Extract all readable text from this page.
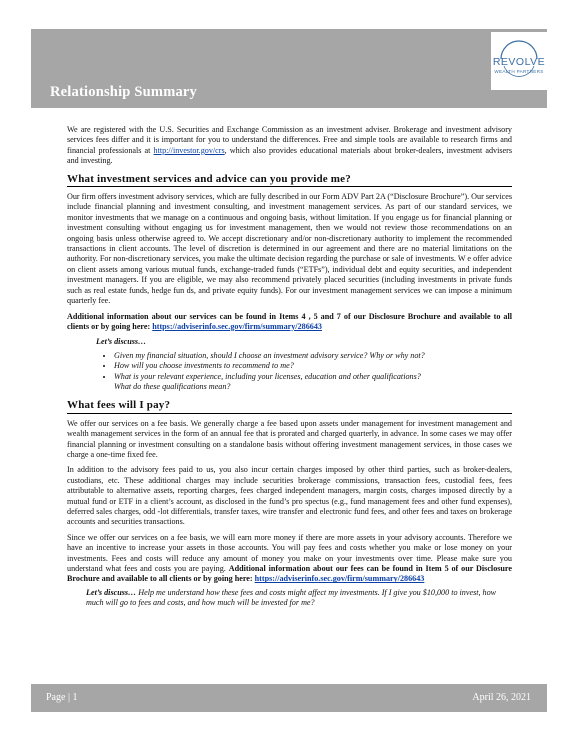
Relationship Summary
REVOLVE
WEALTH PARTNERS

We are registered with the U.S. Securities and Exchange Commission as an investment adviser. Brokerage and investment advisory services fees differ and it is important for you to understand the differences. Free and simple tools are available to research firms and financial professionals at http://investor.gov/crs, which also provides educational materials about broker-dealers, investment advisers and investing.

What investment services and advice can you provide me?

Our firm offers investment advisory services, which are fully described in our Form ADV Part 2A (“Disclosure Brochure”). Our services include financial planning and investment consulting, and investment management services. As part of our standard services, we monitor investments that we manage on a continuous and ongoing basis, without limitation. If you engage us for financial planning or investment consulting without engaging us for investment management, then we would not review those recommendations on an ongoing basis unless otherwise agreed to. We accept discretionary and/or non-discretionary authority to implement the recommended transactions in client accounts. The level of discretion is determined in our agreement and there are no material limitations on the authority. For non-discretionary services, you make the ultimate decision regarding the purchase or sale of investments. W e offer advice on client assets among various mutual funds, exchange-traded funds (“ETFs”), individual debt and equity securities, and independent investment managers. If you are eligible, we may also recommend privately placed securities (including investments in private funds such as real estate funds, hedge fun ds, and private equity funds). For our investment management services we can impose a minimum quarterly fee.

Additional information about our services can be found in Items 4 , 5 and 7 of our Disclosure Brochure and available to all clients or by going here: https://adviserinfo.sec.gov/firm/summary/286643

Let’s discuss…
• Given my financial situation, should I choose an investment advisory service? Why or why not?
• How will you choose investments to recommend to me?
• What is your relevant experience, including your licenses, education and other qualifications?
What do these qualifications mean?
What fees will I pay?

We offer our services on a fee basis. We generally charge a fee based upon assets under management for investment management and wealth management services in the form of an annual fee that is prorated and charged quarterly, in advance. In some cases we may offer financial planning or investment consulting on a standalone basis without offering investment management services, in those cases we charge a one-time fixed fee.

In addition to the advisory fees paid to us, you also incur certain charges imposed by other third parties, such as broker-dealers, custodians, etc. These additional charges may include securities brokerage commissions, transaction fees, custodial fees, fees attributable to alternative assets, reporting charges, fees charged independent managers, margin costs, charges imposed directly by a mutual fund or ETF in a client’s account, as disclosed in the fund’s pro spectus (e.g., fund management fees and other fund expenses), deferred sales charges, odd -lot differentials, transfer taxes, wire transfer and electronic fund fees, and other fees and taxes on brokerage accounts and securities transactions.

Since we offer our services on a fee basis, we will earn more money if there are more assets in your advisory accounts. Therefore we have an incentive to increase your assets in those accounts. You will pay fees and costs whether you make or lose money on your investments. Fees and costs will reduce any amount of money you make on your investments over time. Please make sure you understand what fees and costs you are paying. Additional information about our fees can be found in Item 5 of our Disclosure Brochure and available to all clients or by going here: https://adviserinfo.sec.gov/firm/summary/286643

Let’s discuss… Help me understand how these fees and costs might affect my investments. If I give you $10,000 to invest, how much will go to fees and costs, and how much will be invested for me?

Page | 1	April 26, 2021
